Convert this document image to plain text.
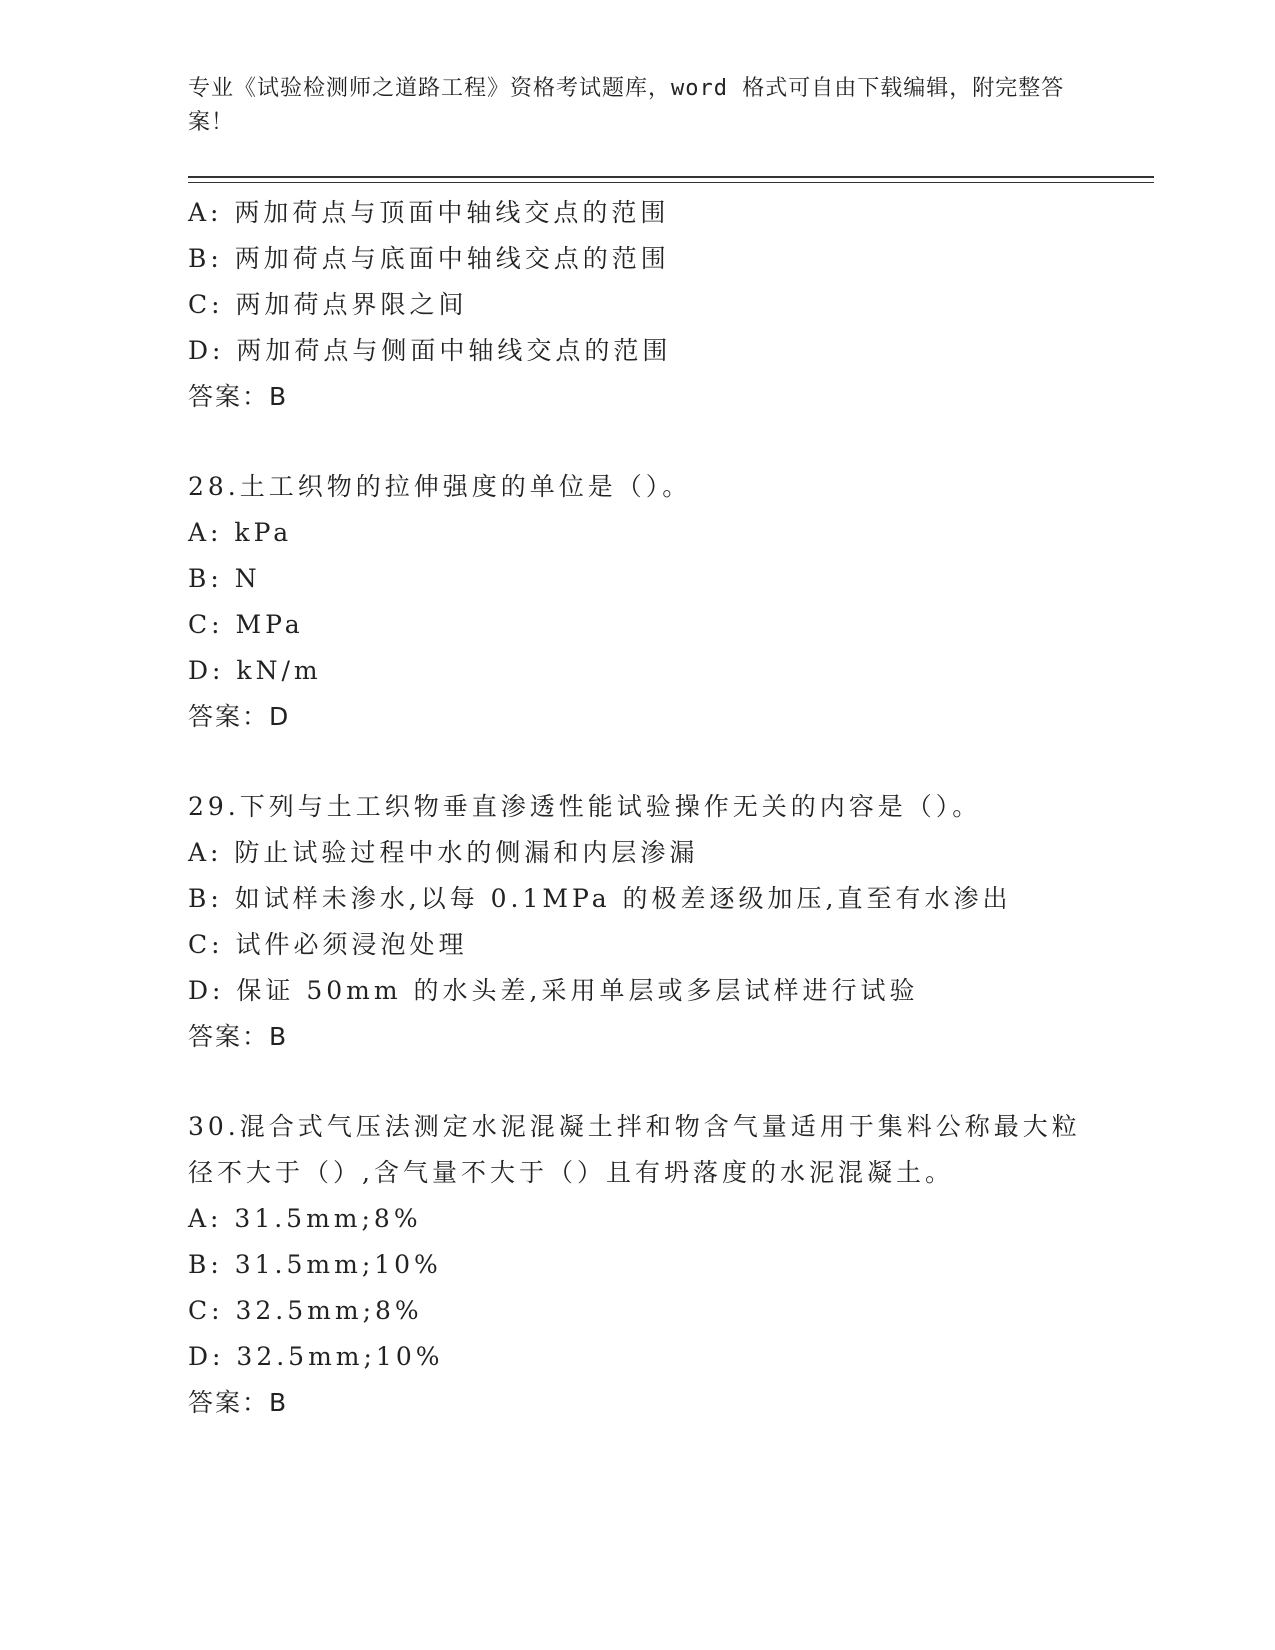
专业《试验检测师之道路工程》资格考试题库，word 格式可自由下载编辑，附完整答案！
A: 两加荷点与顶面中轴线交点的范围
B: 两加荷点与底面中轴线交点的范围
C: 两加荷点界限之间
D: 两加荷点与侧面中轴线交点的范围
答案：B
28.土工织物的拉伸强度的单位是（）。
A: kPa
B: N
C: MPa
D: kN/m
答案：D
29.下列与土工织物垂直渗透性能试验操作无关的内容是（）。
A: 防止试验过程中水的侧漏和内层渗漏
B: 如试样未渗水,以每 0.1MPa 的极差逐级加压,直至有水渗出
C: 试件必须浸泡处理
D: 保证 50mm 的水头差,采用单层或多层试样进行试验
答案：B
30.混合式气压法测定水泥混凝土拌和物含气量适用于集料公称最大粒
径不大于（）,含气量不大于（）且有坍落度的水泥混凝土。
A: 31.5mm;8%
B: 31.5mm;10%
C: 32.5mm;8%
D: 32.5mm;10%
答案：B
